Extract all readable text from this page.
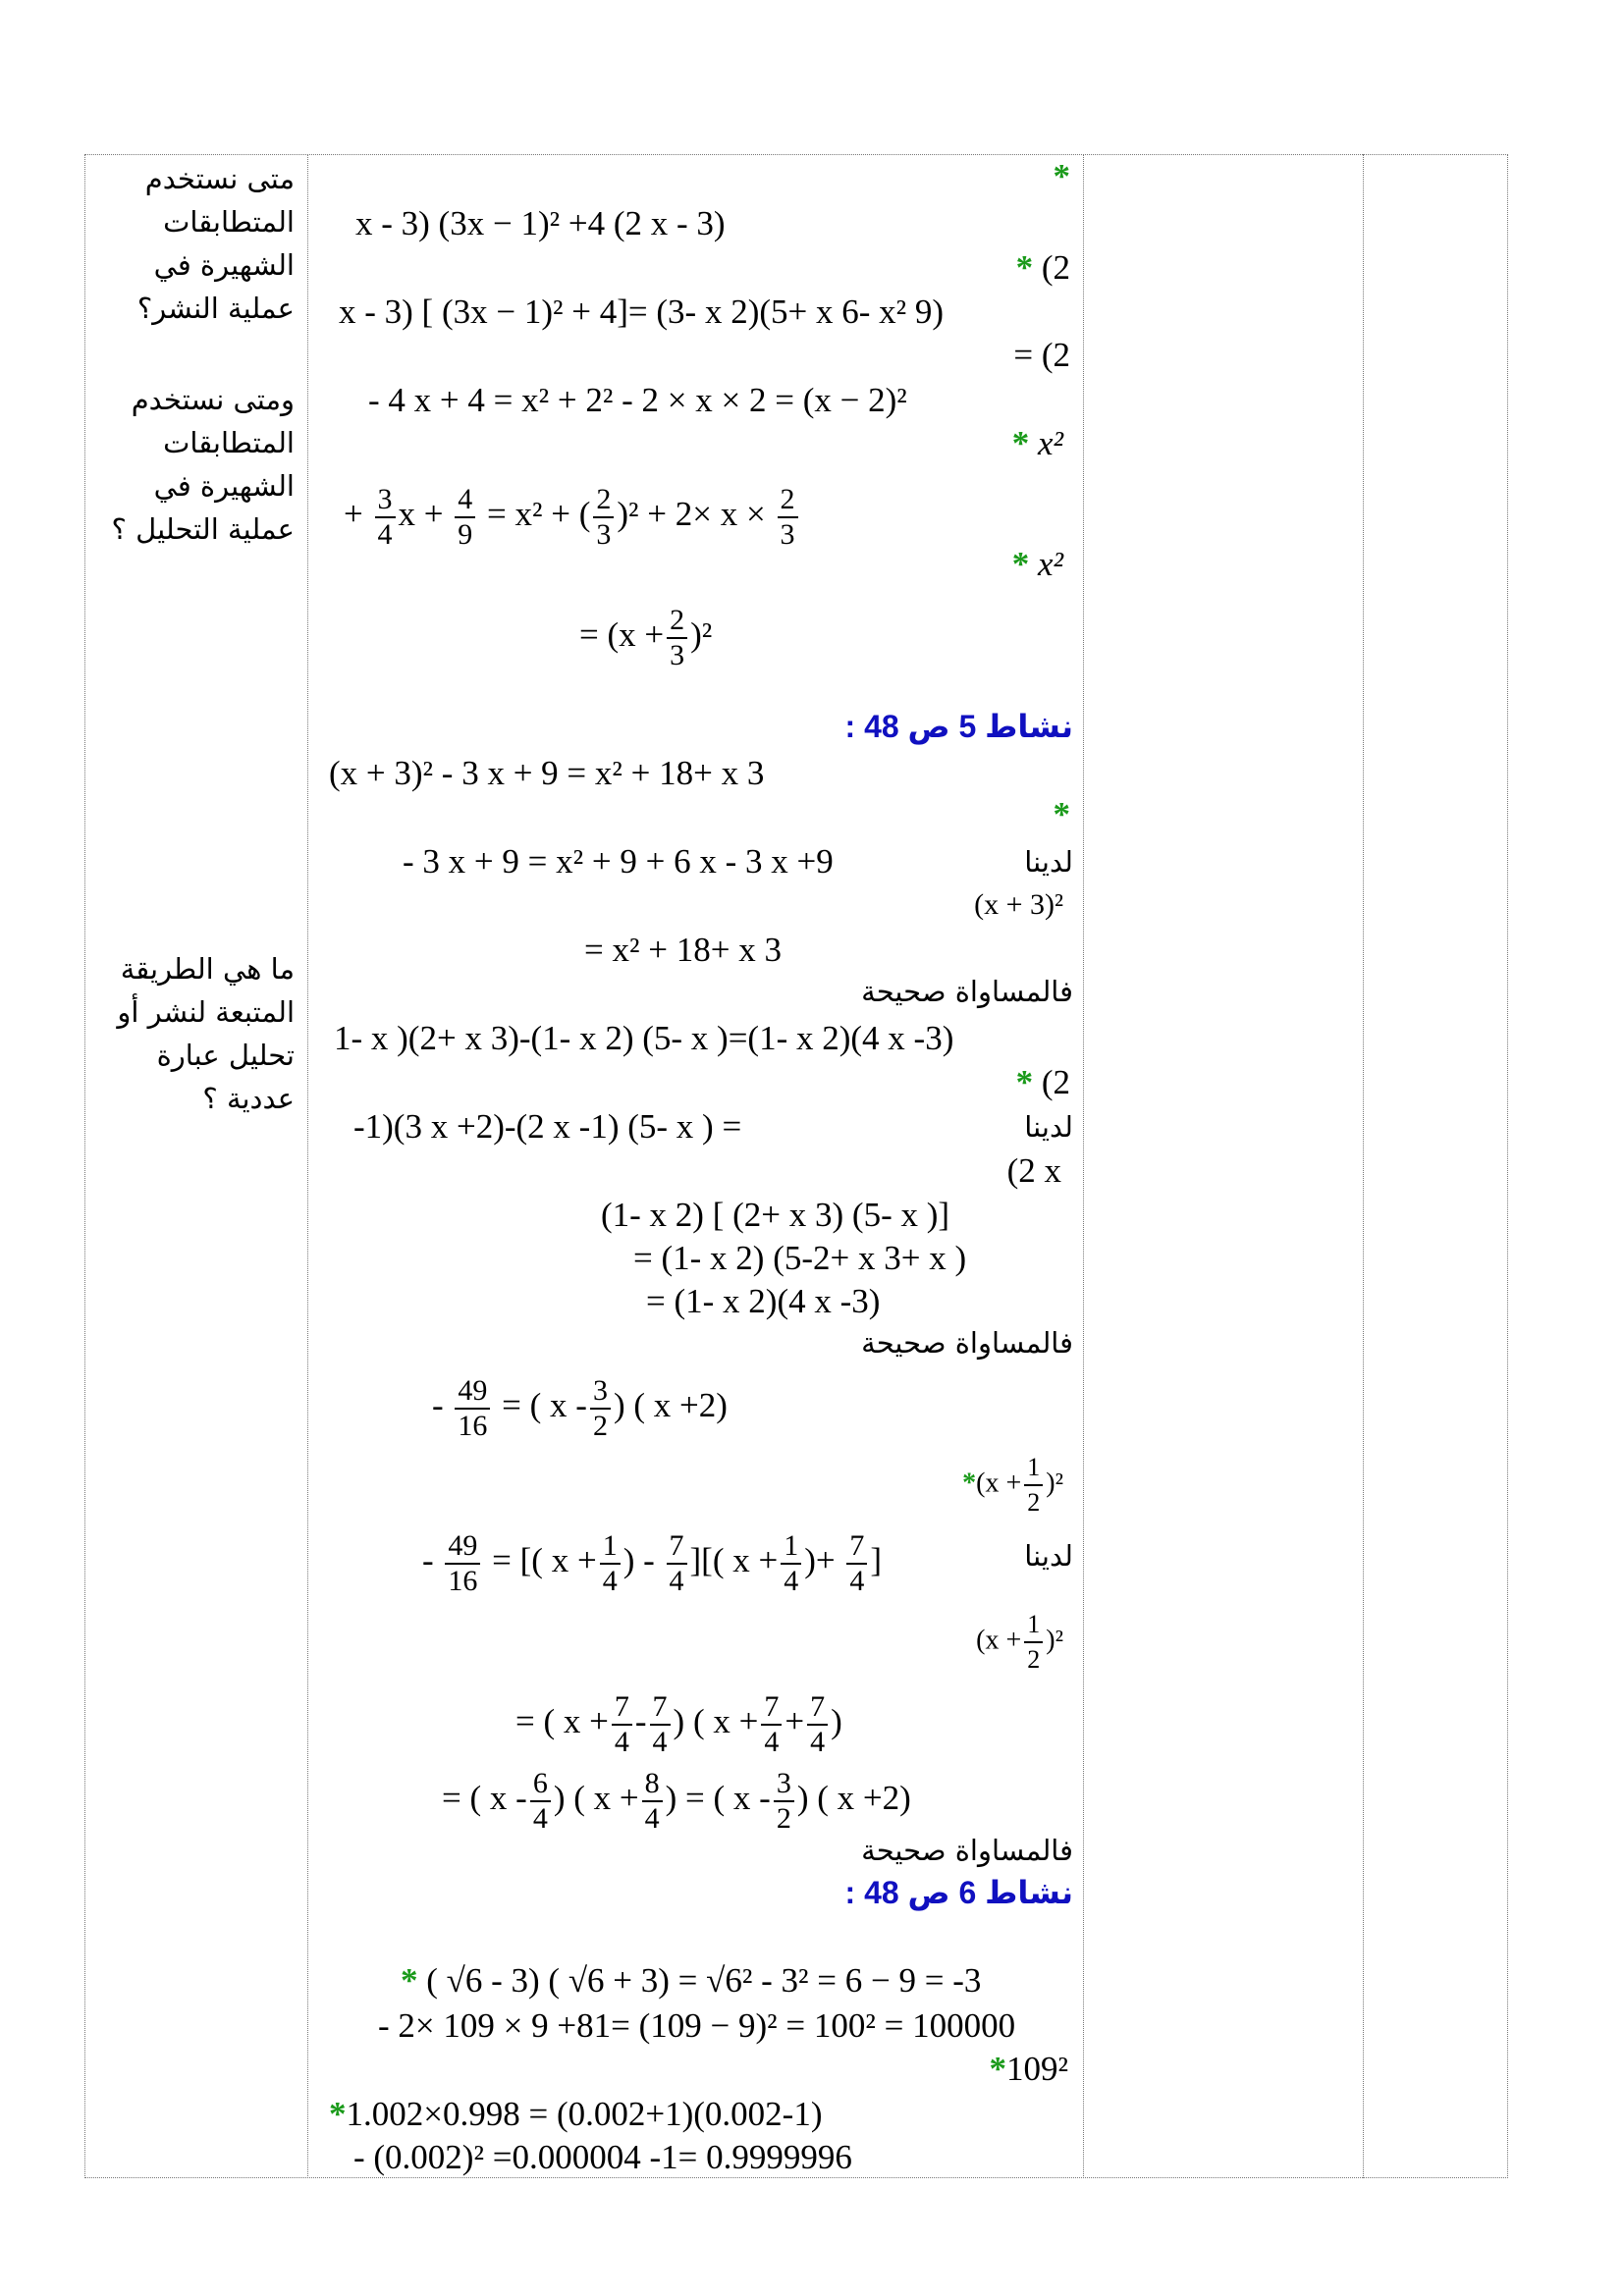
متى نستخدم المتطابقات الشهيرة في عملية النشر؟
ومتى نستخدم المتطابقات الشهيرة في عملية التحليل ؟
ما هي الطريقة المتبعة لنشر أو تحليل عبارة عددية ؟
*
x - 3) (3x − 1)² +4 (2 x - 3)
* (2
x - 3) [ (3x − 1)² + 4]= (3- x 2)(5+ x 6- x² 9)
= (2
- 4 x + 4 = x² + 2² - 2 × x × 2 = (x − 2)²
* x²
+ $\frac{3}{4}$ $x + \frac{4}{9} = x^2$ + ( $\frac{2}{3} )^2 + 2\times x \times \frac{2}{3}$
* x²
= $(x + \frac{2}{3} )^2$
نشاط 5 ص 48 :
(x + 3)² - 3 x + 9 = x² + 18+ x 3
*
- 3 x + 9 = x² + 9 + 6 x - 3 x +9	لدينا
(x + 3)²
= x² + 18+ x 3
فالمساواة صحيحة
1- x )(2+ x 3)-(1- x 2) (5- x )=(1- x 2)(4 x -3)
* (2
-1)(3 x +2)-(2 x -1) (5- x ) =	لدينا
(2 x
(1- x 2) [ (2+ x 3) (5- x )]
= (1- x 2) (5-2+ x 3+ x )
= (1- x 2)(4 x -3)
فالمساواة صحيحة
- $\frac{49}{16}$ = ( x - $\frac{3}{2}$ ) ( x +2)
$*(x + \frac{1}{2} )^2$
- $\frac{49}{16}$ = [( $x + \frac{1}{4}$ ) - $\frac{7}{4}$ ][( $x + \frac{1}{4}$ )+ $\frac{7}{4}$ ]	لدينا
$(x + \frac{1}{2} )^2$
= ( $x + \frac{7}{4} - \frac{7}{4}$ ) ( $x + \frac{7}{4} + \frac{7}{4}$ )
= ( x - $\frac{6}{4}$ ) ( $x + \frac{8}{4}$ ) = ( x - $\frac{3}{2}$ ) ( x +2)
فالمساواة صحيحة
نشاط 6 ص 48 :
* ( √6 - 3) ( √6 + 3) = √6² - 3² = 6 − 9 = -3
- 2× 109 × 9 +81= (109 − 9)² = 100² = 100000
*109²
*1.002×0.998 = (0.002+1)(0.002-1)
- (0.002)² =0.000004 -1= 0.9999996
